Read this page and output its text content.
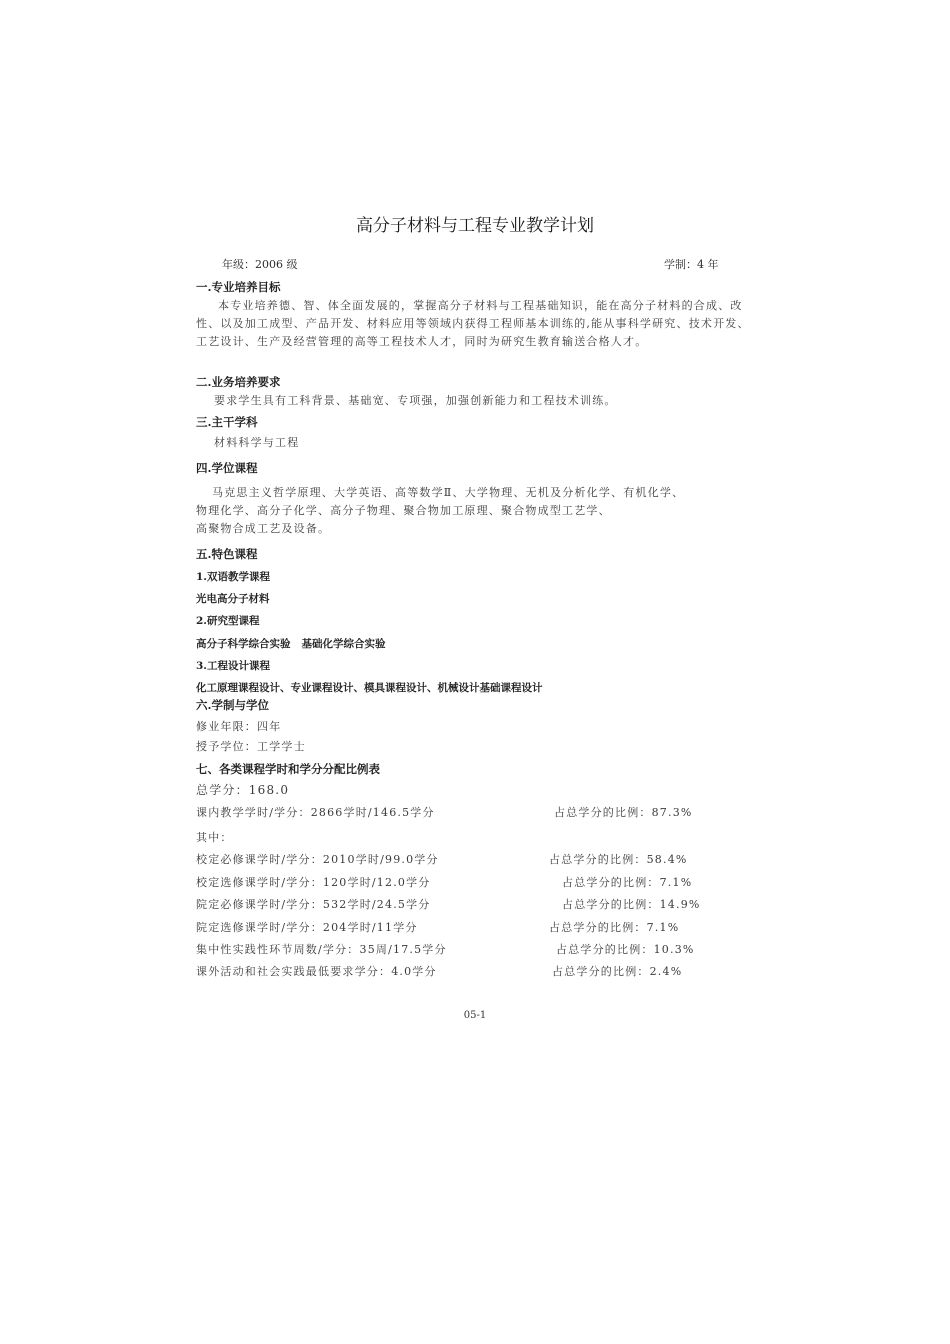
高分子材料与工程专业教学计划
年级：2006 级	学制：4 年
一.专业培养目标
本专业培养德、智、体全面发展的，掌握高分子材料与工程基础知识，能在高分子材料的合成、改性、以及加工成型、产品开发、材料应用等领域内获得工程师基本训练的,能从事科学研究、技术开发、工艺设计、生产及经营管理的高等工程技术人才，同时为研究生教育输送合格人才。
二.业务培养要求
要求学生具有工科背景、基础宽、专项强，加强创新能力和工程技术训练。
三.主干学科
材料科学与工程
四.学位课程
马克思主义哲学原理、大学英语、高等数学Ⅱ、大学物理、无机及分析化学、有机化学、
物理化学、高分子化学、高分子物理、聚合物加工原理、聚合物成型工艺学、
高聚物合成工艺及设备。
五.特色课程
1.双语教学课程
光电高分子材料
2.研究型课程
高分子科学综合实验   基础化学综合实验
3.工程设计课程
化工原理课程设计、专业课程设计、模具课程设计、机械设计基础课程设计
六.学制与学位
修业年限：四年
授予学位：工学学士
七、各类课程学时和学分分配比例表
总学分：168.0
课内教学学时/学分：2866学时/146.5学分	占总学分的比例：87.3%
其中：
校定必修课学时/学分：2010学时/99.0学分	占总学分的比例：58.4%
校定选修课学时/学分：120学时/12.0学分	占总学分的比例：7.1%
院定必修课学时/学分：532学时/24.5学分	占总学分的比例：14.9%
院定选修课学时/学分：204学时/11学分	占总学分的比例：7.1%
集中性实践性环节周数/学分：35周/17.5学分	占总学分的比例：10.3%
课外活动和社会实践最低要求学分：4.0学分	占总学分的比例：2.4%
05-1
